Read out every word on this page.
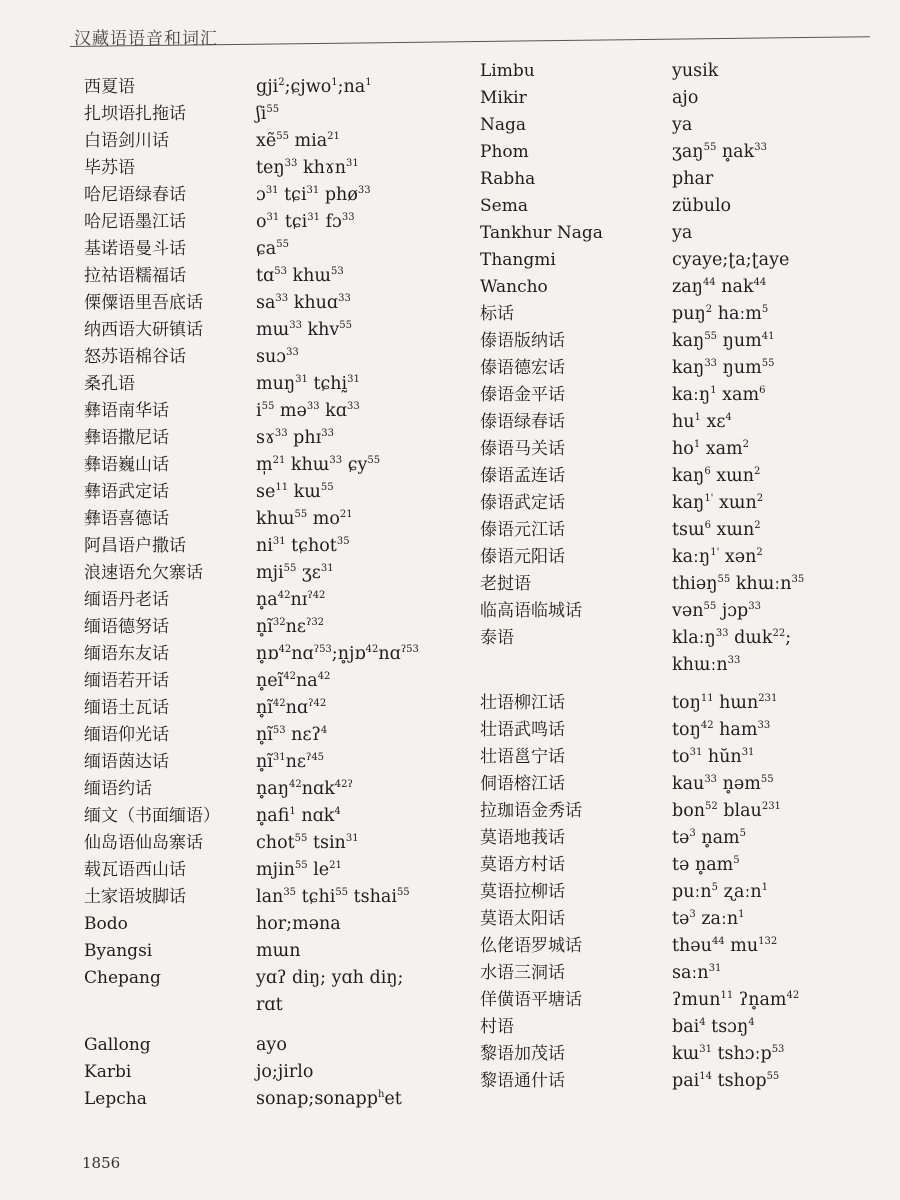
汉藏语语音和词汇
西夏语
扎坝语扎拖话
白语剑川话
毕苏语
哈尼语绿春话
哈尼语墨江话
基诺语曼斗话
拉祜语糯福话
傈僳语里吾底话
纳西语大研镇话
怒苏语棉谷话
桑孔语
彝语南华话
彝语撒尼话
彝语巍山话
彝语武定话
彝语喜德话
阿昌语户撒话
浪速语允欠寨话
缅语丹老话
缅语德努话
缅语东友话
缅语若开话
缅语土瓦话
缅语仰光话
缅语茵达话
缅语约话
缅文（书面缅语）
仙岛语仙岛寨话
载瓦语西山话
土家语坡脚话
Bodo
Byangsi
Chepang
Gallong
Karbi
Lepcha
$gji^2;ɕjwo^1;na^1$
ʃi$^{55}$
xẽ$^{55}$ mia$^{21}$
teŋ$^{33}$ khɤn$^{31}$
ɔ$^{31}$ tɕi$^{31}$ phø$^{33}$
$o^{31}$ tɕi$^{31}$ fɔ$^{33}$
ɕa$^{55}$
tɑ$^{53}$ khɯ$^{53}$
$sa^{33}$ khuɑ$^{33}$
mɯ$^{33}$ khv$^{55}$
suɔ$^{33}$
muŋ$^{31}$ tɕhḭ$^{31}$
$i^{55}$ mə$^{33}$ kɑ$^{33}$
sɤ$^{33}$ phɪ$^{33}$
m̩$^{21}$ khɯ$^{33}$ ɕy$^{55}$
$se^{11}$ kɯ$^{55}$
khɯ$^{55}$ $mo^{21}$
$ni^{31}$ tɕhot$^{35}$
mji$^{55}$ ʒɛ$^{31}$
$n̥a^{42}nɪ^{ʔ42}$
$n̥ĩ^{32}nɛ^{ʔ32}$
n̥ɒ$^{42}$nɑ$^{ʔ53}$;n̥jɒ$^{42}$nɑ$^{ʔ53}$
$n̥eĩ^{42}na^{42}$
$n̥ĩ^{42}nɑ^{ʔ42}$
$n̥ĩ^{53}$ nɛʔ$^4$
$n̥ĩ^{31}nɛ^{ʔ45}$
$n̥aŋ^{42}nɑk^{42ʔ}$
n̥afi$^1$ nɑk$^4$
chot$^{55}$ tsin$^{31}$
mjin$^{55}$ $le^{21}$
lan$^{35}$ tɕhi$^{55}$ tshai$^{55}$
hor;məna
mɯn
yɑʔ diŋ; yɑh diŋ;
rɑt
ayo
jo;jirlo
sonap;sonapp$^h$et
Limbu
Mikir
Naga
Phom
Rabha
Sema
Tankhur Naga
Thangmi
Wancho
标话
傣语版纳话
傣语德宏话
傣语金平话
傣语绿春话
傣语马关话
傣语孟连话
傣语武定话
傣语元江话
傣语元阳话
老挝语
临高语临城话
泰语
壮语柳江话
壮语武鸣话
壮语邕宁话
侗语榕江话
拉珈语金秀话
莫语地莪话
莫语方村话
莫语拉柳话
莫语太阳话
仫佬语罗城话
水语三洞话
佯僙语平塘话
村语
黎语加茂话
黎语通什话
yusik
ajo
ya
ʒaŋ$^{55}$ $n̥ak^{33}$
phar
zübulo
ya
cyaye;ʈa;ʈaye
zaŋ$^{44}$ nak$^{44}$
puŋ$^2$ haːm$^5$
kaŋ$^{55}$ ŋum$^{41}$
kaŋ$^{33}$ ŋum$^{55}$
kaːŋ$^1$ xam$^6$
$hu^1$ xɛ$^4$
$ho^1$ xam$^2$
kaŋ$^6$ xɯn$^2$
kaŋ$^{1'}$ xɯn$^2$
tsɯ$^6$ xɯn$^2$
kaːŋ$^{1'}$ xən$^2$
thiəŋ$^{55}$ khɯːn$^{35}$
vən$^{55}$ jɔp$^{33}$
klaːŋ$^{33}$ dɯk$^{22}$;
khɯːn$^{33}$
toŋ$^{11}$ hɯn$^{231}$
toŋ$^{42}$ ham$^{33}$
$to^{31}$ hŭn$^{31}$
kau$^{33}$ n̥əm$^{55}$
bon$^{52}$ blau$^{231}$
tə$^3$ $n̥am^5$
tə $n̥am^5$
puːn$^5$ ʐaːn$^1$
tə$^3$ zaːn$^1$
thəu$^{44}$ $mu^{132}$
saːn$^{31}$
ʔmun$^{11}$ $ʔn̥am^{42}$
bai$^4$ tsɔŋ$^4$
kɯ$^{31}$ tshɔːp$^{53}$
pai$^{14}$ tshop$^{55}$
1856
